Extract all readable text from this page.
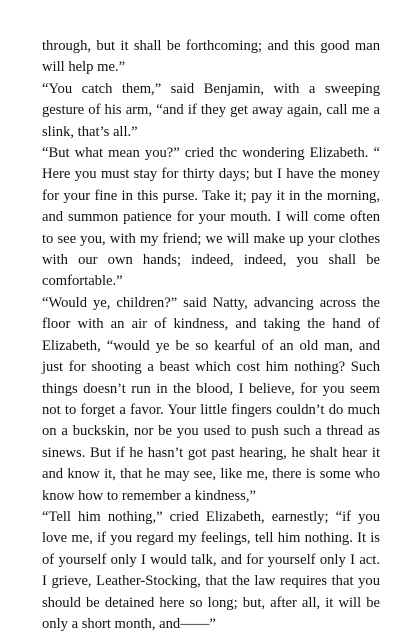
through, but it shall be forthcoming; and this good man will help me.”

“You catch them,” said Benjamin, with a sweeping gesture of his arm, “and if they get away again, call me a slink, that’s all.”

“But what mean you?” cried thc wondering Elizabeth. “ Here you must stay for thirty days; but I have the money for your fine in this purse. Take it; pay it in the morning, and summon patience for your mouth. I will come often to see you, with my friend; we will make up your clothes with our own hands; indeed, indeed, you shall be comfortable.”

“Would ye, children?” said Natty, advancing across the floor with an air of kindness, and taking the hand of Elizabeth, “would ye be so kearful of an old man, and just for shooting a beast which cost him nothing? Such things doesn’t run in the blood, I believe, for you seem not to forget a favor. Your little fingers couldn’t do much on a buckskin, nor be you used to push such a thread as sinews. But if he hasn’t got past hearing, he shalt hear it and know it, that he may see, like me, there is some who know how to remember a kindness,”

“Tell him nothing,” cried Elizabeth, earnestly; “if you love me, if you regard my feelings, tell him nothing. It is of yourself only I would talk, and for yourself only I act. I grieve, Leather-Stocking, that the law requires that you should be detained here so long; but, after all, it will be only a short month, and——”
